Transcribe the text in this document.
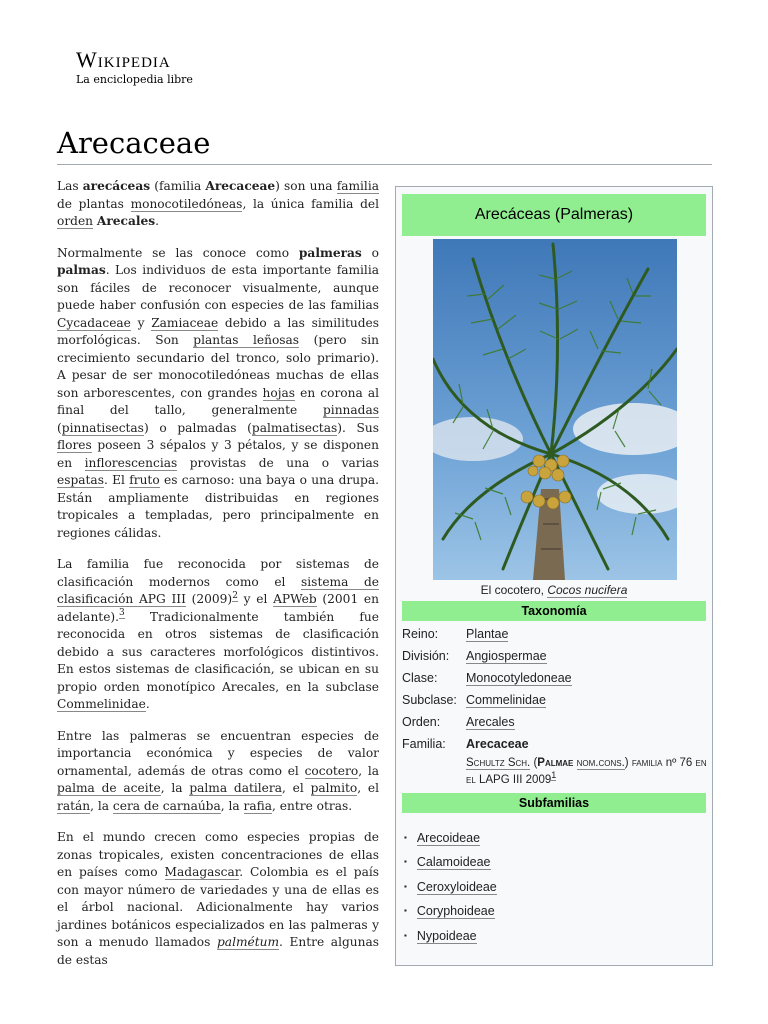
Wikipedia
La enciclopedia libre
Arecaceae

Las arecáceas (familia Arecaceae) son una familia de plantas monocotiledóneas, la única familia del orden Arecales.

Normalmente se las conoce como palmeras o palmas. Los individuos de esta importante familia son fáciles de reconocer visualmente, aunque puede haber confusión con especies de las familias Cycadaceae y Zamiaceae debido a las similitudes morfológicas. Son plantas leñosas (pero sin crecimiento secundario del tronco, solo primario). A pesar de ser monocotiledóneas muchas de ellas son arborescentes, con grandes hojas en corona al final del tallo, generalmente pinnadas (pinnatisectas) o palmadas (palmatisectas). Sus flores poseen 3 sépalos y 3 pétalos, y se disponen en inflorescencias provistas de una o varias espatas. El fruto es carnoso: una baya o una drupa. Están ampliamente distribuidas en regiones tropicales a templadas, pero principalmente en regiones cálidas.

La familia fue reconocida por sistemas de clasificación modernos como el sistema de clasificación APG III $(2009)^2$ y el APWeb (2001 en adelante).$^3$ Tradicionalmente también fue reconocida en otros sistemas de clasificación debido a sus caracteres morfológicos distintivos. En estos sistemas de clasificación, se ubican en su propio orden monotípico Arecales, en la subclase Commelinidae.

Entre las palmeras se encuentran especies de importancia económica y especies de valor ornamental, además de otras como el cocotero, la palma de aceite, la palma datilera, el palmito, el ratán, la cera de carnaúba, la rafia, entre otras.

En el mundo crecen como especies propias de zonas tropicales, existen concentraciones de ellas en países como Madagascar. Colombia es el país con mayor número de variedades y una de ellas es el árbol nacional. Adicionalmente hay varios jardines botánicos especializados en las palmeras y son a menudo llamados palmétum. Entre algunas de estas

Arecáceas (Palmeras)
El cocotero, Cocos nucifera
Taxonomía
Reino:	Plantae
División:	Angiospermae
Clase:	Monocotyledoneae
Subclase: Commelinidae
Orden:	Arecales
Familia:	Arecaceae
Schultz Sch. (Palmae nom.cons.) familia nº 76 en el LAPG III 2009$^1$
Subfamilias
▪ Arecoideae
▪ Calamoideae
▪ Ceroxyloideae
▪ Coryphoideae
▪ Nypoideae
